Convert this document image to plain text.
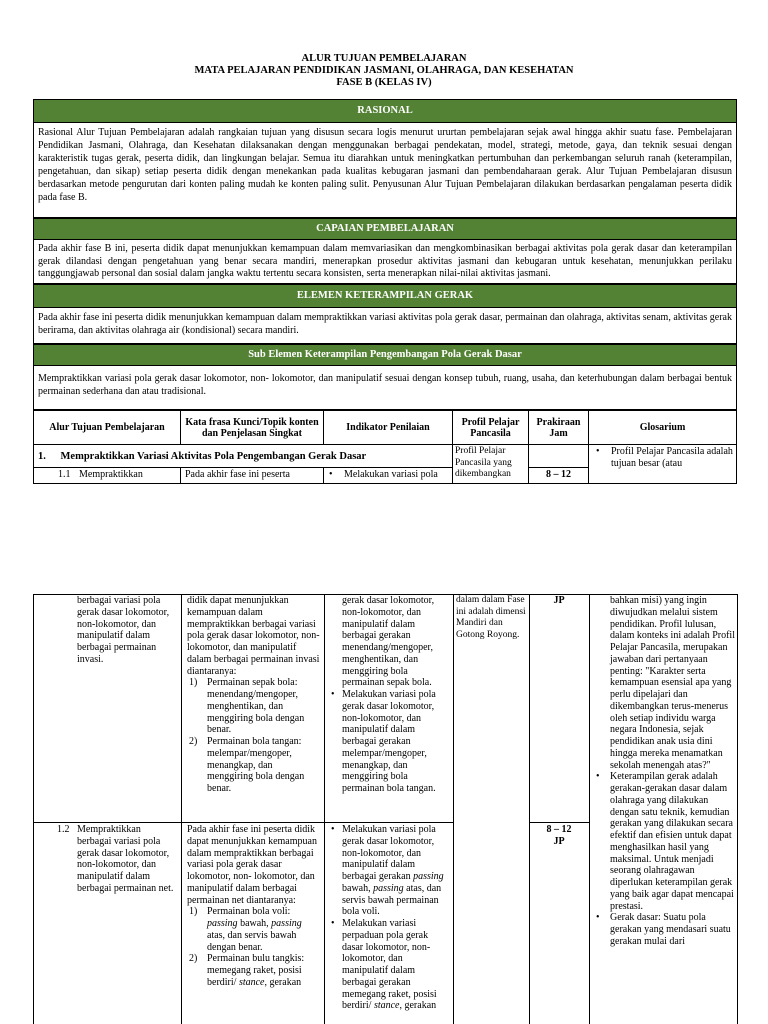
ALUR TUJUAN PEMBELAJARAN
MATA PELAJARAN PENDIDIKAN JASMANI, OLAHRAGA, DAN KESEHATAN
FASE B (KELAS IV)
RASIONAL
Rasional Alur Tujuan Pembelajaran adalah rangkaian tujuan yang disusun secara logis menurut ururtan pembelajaran sejak awal hingga akhir suatu fase. Pembelajaran Pendidikan Jasmani, Olahraga, dan Kesehatan dilaksanakan dengan menggunakan berbagai pendekatan, model, strategi, metode, gaya, dan teknik sesuai dengan karakteristik tugas gerak, peserta didik, dan lingkungan belajar. Semua itu diarahkan untuk meningkatkan pertumbuhan dan perkembangan seluruh ranah (keterampilan, pengetahuan, dan sikap) setiap peserta didik dengan menekankan pada kualitas kebugaran jasmani dan pembendaharaan gerak. Alur Tujuan Pembelajaran disusun berdasarkan metode pengurutan dari konten paling mudah ke konten paling sulit. Penyusunan Alur Tujuan Pembelajaran dilakukan berdasarkan pengalaman peserta didik pada fase B.
CAPAIAN PEMBELAJARAN
Pada akhir fase B ini, peserta didik dapat menunjukkan kemampuan dalam memvariasikan dan mengkombinasikan berbagai aktivitas pola gerak dasar dan keterampilan gerak dilandasi dengan pengetahuan yang benar secara mandiri, menerapkan prosedur aktivitas jasmani dan kebugaran untuk kesehatan, menunjukkan perilaku tanggungjawab personal dan sosial dalam jangka waktu tertentu secara konsisten, serta menerapkan nilai-nilai aktivitas jasmani.
ELEMEN KETERAMPILAN GERAK
Pada akhir fase ini peserta didik menunjukkan kemampuan dalam mempraktikkan variasi aktivitas pola gerak dasar, permainan dan olahraga, aktivitas senam, aktivitas gerak berirama, dan aktivitas olahraga air (kondisional) secara mandiri.
Sub Elemen Keterampilan Pengembangan Pola Gerak Dasar
Mempraktikkan variasi pola gerak dasar lokomotor, non- lokomotor, dan manipulatif sesuai dengan konsep tubuh, ruang, usaha, dan keterhubungan dalam berbagai bentuk permainan sederhana dan atau tradisional.
Alur Tujuan Pembelajaran	Kata frasa Kunci/Topik konten dan Penjelasan Singkat	Indikator Penilaian	Profil Pelajar Pancasila
Prakiraan Jam	Glosarium
1. Mempraktikkan Variasi Aktivitas Pola Pengembangan Gerak Dasar	Profil Pelajar Pancasila yang dikembangkan
• Profil Pelajar Pancasila adalah tujuan besar (atau
1.1 Mempraktikkan	Pada akhir fase ini peserta
•	Melakukan variasi pola	8 – 12
berbagai variasi pola gerak dasar lokomotor, non-lokomotor, dan manipulatif dalam berbagai permainan invasi.
didik dapat menunjukkan kemampuan dalam mempraktikkan berbagai variasi pola gerak dasar lokomotor, non-lokomotor, dan manipulatif dalam berbagai permainan invasi diantaranya:
1) Permainan sepak bola: menendang/mengoper, menghentikan, dan menggiring bola dengan benar.
2) Permainan bola tangan: melempar/mengoper, menangkap, dan menggiring bola dengan benar.
gerak dasar lokomotor, non-lokomotor, dan manipulatif dalam berbagai gerakan menendang/mengoper, menghentikan, dan menggiring bola permainan sepak bola.
• Melakukan variasi pola gerak dasar lokomotor, non-lokomotor, dan manipulatif dalam berbagai gerakan melempar/mengoper, menangkap, dan menggiring bola permainan bola tangan.
dalam dalam Fase ini adalah dimensi Mandiri dan Gotong Royong.
JP	bahkan misi) yang ingin diwujudkan melalui sistem pendidikan. Profil lulusan, dalam konteks ini adalah Profil Pelajar Pancasila, merupakan jawaban dari pertanyaan penting: "Karakter serta kemampuan esensial apa yang perlu dipelajari dan dikembangkan terus-menerus oleh setiap individu warga negara Indonesia, sejak pendidikan anak usia dini hingga mereka menamatkan sekolah menengah atas?"
• Keterampilan gerak adalah gerakan-gerakan dasar dalam olahraga yang dilakukan dengan satu teknik, kemudian gerakan yang dilakukan secara efektif dan efisien untuk dapat menghasilkan hasil yang maksimal. Untuk menjadi seorang olahragawan diperlukan keterampilan gerak yang baik agar dapat mencapai prestasi.
• Gerak dasar: Suatu pola gerakan yang mendasari suatu gerakan mulai dari
1.2 Mempraktikkan berbagai variasi pola gerak dasar lokomotor, non-lokomotor, dan manipulatif dalam berbagai permainan net.
Pada akhir fase ini peserta didik dapat menunjukkan kemampuan dalam mempraktikkan berbagai variasi pola gerak dasar lokomotor, non- lokomotor, dan manipulatif dalam berbagai permainan net diantaranya:
1) Permainan bola voli: passing bawah, passing atas, dan servis bawah dengan benar.
2) Permainan bulu tangkis: memegang raket, posisi berdiri/ stance, gerakan
• Melakukan variasi pola gerak dasar lokomotor, non-lokomotor, dan manipulatif dalam berbagai gerakan passing bawah, passing atas, dan servis bawah permainan bola voli.
• Melakukan variasi perpaduan pola gerak dasar lokomotor, non-lokomotor, dan manipulatif dalam berbagai gerakan memegang raket, posisi berdiri/ stance, gerakan
8 – 12
JP
